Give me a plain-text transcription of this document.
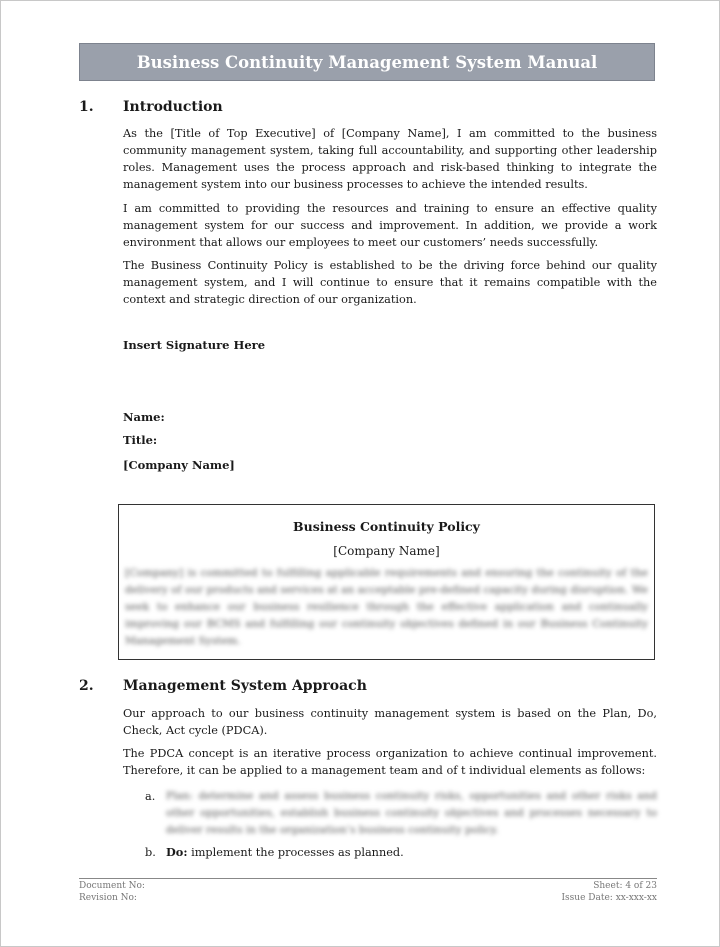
Business Continuity Management System Manual
1. Introduction

As the [Title of Top Executive] of [Company Name], I am committed to the business community management system, taking full accountability, and supporting other leadership roles. Management uses the process approach and risk-based thinking to integrate the management system into our business processes to achieve the intended results.

I am committed to providing the resources and training to ensure an effective quality management system for our success and improvement. In addition, we provide a work environment that allows our employees to meet our customers’ needs successfully.

The Business Continuity Policy is established to be the driving force behind our quality management system, and I will continue to ensure that it remains compatible with the context and strategic direction of our organization.

Insert Signature Here
Name:
Title:
[Company Name]
Business Continuity Policy
[Company Name]
[Company] is committed to fulfilling applicable requirements and ensuring the continuity of the delivery of our products and services at an acceptable pre-defined capacity during disruption. We seek to enhance our business resilience through the effective application and continually improving our BCMS and fulfilling our continuity objectives defined in our Business Continuity Management System.
2. Management System Approach

Our approach to our business continuity management system is based on the Plan, Do, Check, Act cycle (PDCA).

The PDCA concept is an iterative process organization to achieve continual improvement. Therefore, it can be applied to a management team and of t individual elements as follows:

a. Plan: determine and assess business continuity risks, opportunities and other risks and other opportunities, establish business continuity objectives and processes necessary to deliver results in the organization’s business continuity policy.
b. Do: implement the processes as planned.
Document No:
Revision No:
Sheet: 4 of 23
Issue Date: xx-xxx-xx
